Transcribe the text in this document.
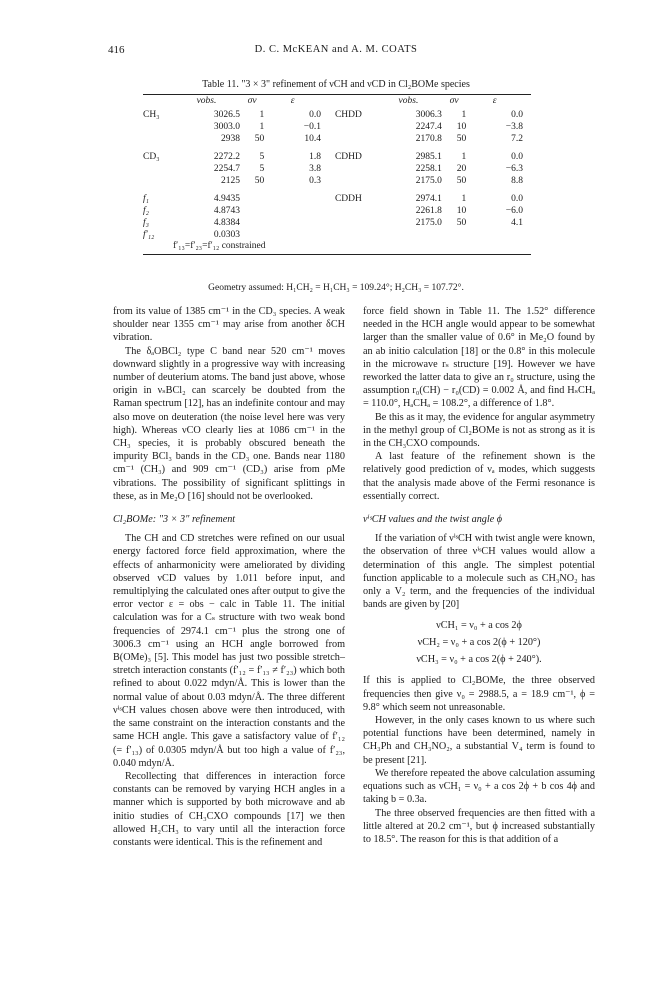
416	D. C. McKEAN and A. M. COATS
Table 11. "3 × 3" refinement of νCH and νCD in Cl₂BOMe species
	νobs.	σν	ε		νobs.	σν	ε
CH₃	3026.5	1	0.0	CHDD	3006.3	1	0.0
	3003.0	1	−0.1		2247.4	10	−3.8
	2938	50	10.4		2170.8	50	7.2

CD₃	2272.2	5	1.8	CDHD	2985.1	1	0.0
	2254.7	5	3.8		2258.1	20	−6.3
	2125	50	0.3		2175.0	50	8.8

f₁	4.9435			CDDH	2974.1	1	0.0
f₂	4.8743				2261.8	10	−6.0
f₃	4.8384				2175.0	50	4.1
f′₁₂	0.0303						
f′₁₃=f′₂₃=f′₁₂ constrained
Geometry assumed: H₁CH₂ = H₁CH₃ = 109.24°; H₂CH₃ = 107.72°.

from its value of 1385 cm⁻¹ in the CD₃ species. A weak shoulder near 1355 cm⁻¹ may arise from another δCH vibration.

The δₐOBCl₂ type C band near 520 cm⁻¹ moves downward slightly in a progressive way with increasing number of deuterium atoms. The band just above, whose origin in νₛBCl₂ can scarcely be doubted from the Raman spectrum [12], has an indefinite contour and may also move on deuteration (the noise level here was very high). Whereas νCO clearly lies at 1086 cm⁻¹ in the CH₃ species, it is probably obscured beneath the impurity BCl₃ bands in the CD₃ one. Bands near 1180 cm⁻¹ (CH₃) and 909 cm⁻¹ (CD₃) arise from ρMe vibrations. The possibility of significant splittings in these, as in Me₂O [16] should not be overlooked.

Cl₂BOMe: "3 × 3" refinement

The CH and CD stretches were refined on our usual energy factored force field approximation, where the effects of anharmonicity were ameliorated by dividing observed νCD values by 1.011 before input, and remultiplying the calculated ones after output to give the error vector ε = obs − calc in Table 11. The initial calculation was for a Cₛ structure with two weak bond frequencies of 2974.1 cm⁻¹ plus the strong one of 3006.3 cm⁻¹ using an HCH angle borrowed from B(OMe)₃ [5]. This model has just two possible stretch–stretch interaction constants (f′₁₂ = f′₁₃ ≠ f′₂₃) which both refined to about 0.022 mdyn/Å. This is lower than the normal value of about 0.03 mdyn/Å. The three different νⁱˢCH values chosen above were then introduced, with the same constraint on the interaction constants and the same HCH angle. This gave a satisfactory value of f′₁₂ (= f′₁₃) of 0.0305 mdyn/Å but too high a value of f′₂₃, 0.040 mdyn/Å.

Recollecting that differences in interaction force constants can be removed by varying HCH angles in a manner which is supported by both microwave and ab initio studies of CH₃CXO compounds [17] we then allowed H₂CH₃ to vary until all the interaction force constants were identical. This is the refinement and

force field shown in Table 11. The 1.52° difference needed in the HCH angle would appear to be somewhat larger than the smaller value of 0.6° in Me₂O found by an ab initio calculation [18] or the 0.8° in this molecule in the microwave rₛ structure [19]. However we have reworked the latter data to give an r₀ structure, using the assumption r₀(CH) − r₀(CD) = 0.002 Å, and find HₛCHₐ = 110.0°, HₐCHₐ = 108.2°, a difference of 1.8°.

Be this as it may, the evidence for angular asymmetry in the methyl group of Cl₂BOMe is not as strong as it is in the CH₃CXO compounds.

A last feature of the refinement shown is the relatively good prediction of νₐ modes, which suggests that the analysis made above of the Fermi resonance is essentially correct.

νⁱˢCH values and the twist angle ϕ

If the variation of νⁱˢCH with twist angle were known, the observation of three νⁱˢCH values would allow a determination of this angle. The simplest potential function applicable to a molecule such as CH₃NO₂ has only a V₂ term, and the frequencies of the individual bands are given by [20]

νCH₁ = ν₀ + a cos 2ϕ
νCH₂ = ν₀ + a cos 2(ϕ + 120°)
νCH₃ = ν₀ + a cos 2(ϕ + 240°).

If this is applied to Cl₂BOMe, the three observed frequencies then give ν₀ = 2988.5, a = 18.9 cm⁻¹, ϕ = 9.8° which seem not unreasonable.

However, in the only cases known to us where such potential functions have been determined, namely in CH₃Ph and CH₃NO₂, a substantial V₄ term is found to be present [21].

We therefore repeated the above calculation assuming equations such as νCH₁ = ν₀ + a cos 2ϕ + b cos 4ϕ and taking b = 0.3a.

The three observed frequencies are then fitted with a little altered at 20.2 cm⁻¹, but ϕ increased substantially to 18.5°. The reason for this is that addition of a
